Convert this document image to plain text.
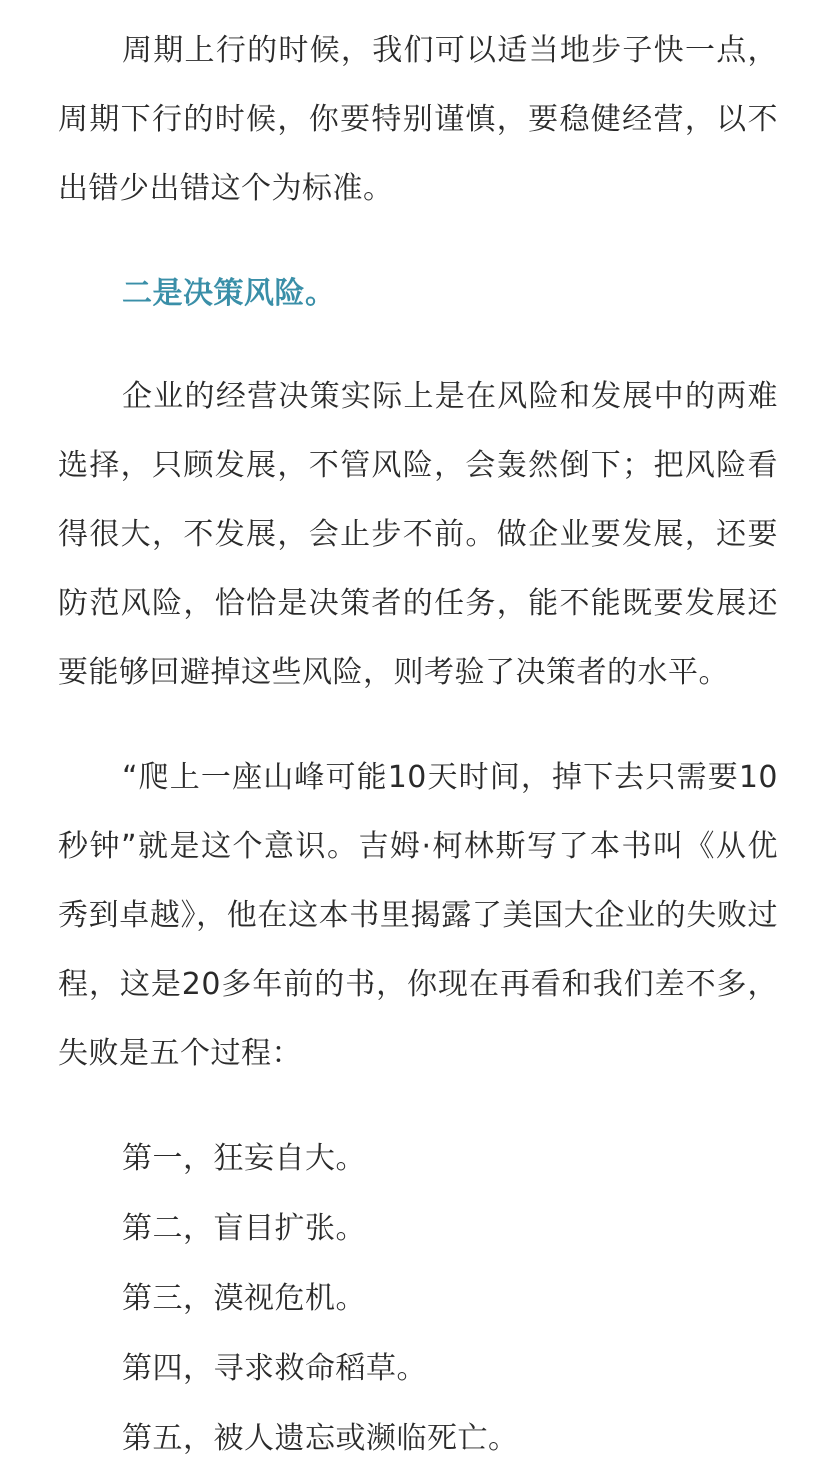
周期上行的时候，我们可以适当地步子快一点，周期下行的时候，你要特别谨慎，要稳健经营，以不出错少出错这个为标准。

二是决策风险。

企业的经营决策实际上是在风险和发展中的两难选择，只顾发展，不管风险，会轰然倒下；把风险看得很大，不发展，会止步不前。做企业要发展，还要防范风险，恰恰是决策者的任务，能不能既要发展还要能够回避掉这些风险，则考验了决策者的水平。

“爬上一座山峰可能10天时间，掉下去只需要10秒钟”就是这个意识。吉姆·柯林斯写了本书叫《从优秀到卓越》，他在这本书里揭露了美国大企业的失败过程，这是20多年前的书，你现在再看和我们差不多，失败是五个过程：

第一，狂妄自大。
第二，盲目扩张。
第三，漠视危机。
第四，寻求救命稻草。
第五，被人遗忘或濒临死亡。
